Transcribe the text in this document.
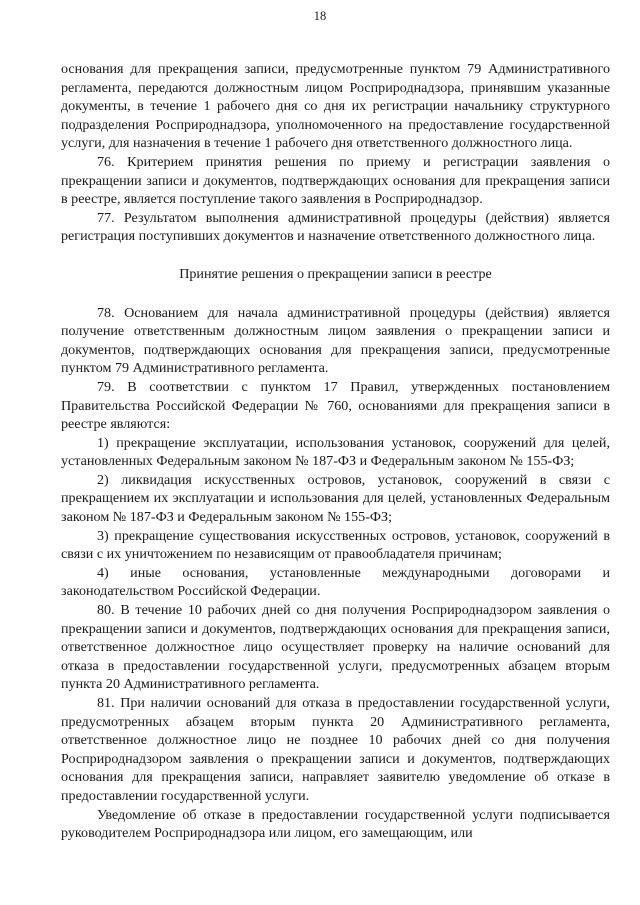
18

основания для прекращения записи, предусмотренные пунктом 79 Административного регламента, передаются должностным лицом Росприроднадзора, принявшим указанные документы, в течение 1 рабочего дня со дня их регистрации начальнику структурного подразделения Росприроднадзора, уполномоченного на предоставление государственной услуги, для назначения в течение 1 рабочего дня ответственного должностного лица.

76. Критерием принятия решения по приему и регистрации заявления о прекращении записи и документов, подтверждающих основания для прекращения записи в реестре, является поступление такого заявления в Росприроднадзор.

77. Результатом выполнения административной процедуры (действия) является регистрация поступивших документов и назначение ответственного должностного лица.

Принятие решения о прекращении записи в реестре

78. Основанием для начала административной процедуры (действия) является получение ответственным должностным лицом заявления о прекращении записи и документов, подтверждающих основания для прекращения записи, предусмотренные пунктом 79 Административного регламента.

79. В соответствии с пунктом 17 Правил, утвержденных постановлением Правительства Российской Федерации № 760, основаниями для прекращения записи в реестре являются:

1) прекращение эксплуатации, использования установок, сооружений для целей, установленных Федеральным законом № 187-ФЗ и Федеральным законом № 155-ФЗ;

2) ликвидация искусственных островов, установок, сооружений в связи с прекращением их эксплуатации и использования для целей, установленных Федеральным законом № 187-ФЗ и Федеральным законом № 155-ФЗ;

3) прекращение существования искусственных островов, установок, сооружений в связи с их уничтожением по независящим от правообладателя причинам;

4) иные основания, установленные международными договорами и законодательством Российской Федерации.

80. В течение 10 рабочих дней со дня получения Росприроднадзором заявления о прекращении записи и документов, подтверждающих основания для прекращения записи, ответственное должностное лицо осуществляет проверку на наличие оснований для отказа в предоставлении государственной услуги, предусмотренных абзацем вторым пункта 20 Административного регламента.

81. При наличии оснований для отказа в предоставлении государственной услуги, предусмотренных абзацем вторым пункта 20 Административного регламента, ответственное должностное лицо не позднее 10 рабочих дней со дня получения Росприроднадзором заявления о прекращении записи и документов, подтверждающих основания для прекращения записи, направляет заявителю уведомление об отказе в предоставлении государственной услуги.

Уведомление об отказе в предоставлении государственной услуги подписывается руководителем Росприроднадзора или лицом, его замещающим, или
